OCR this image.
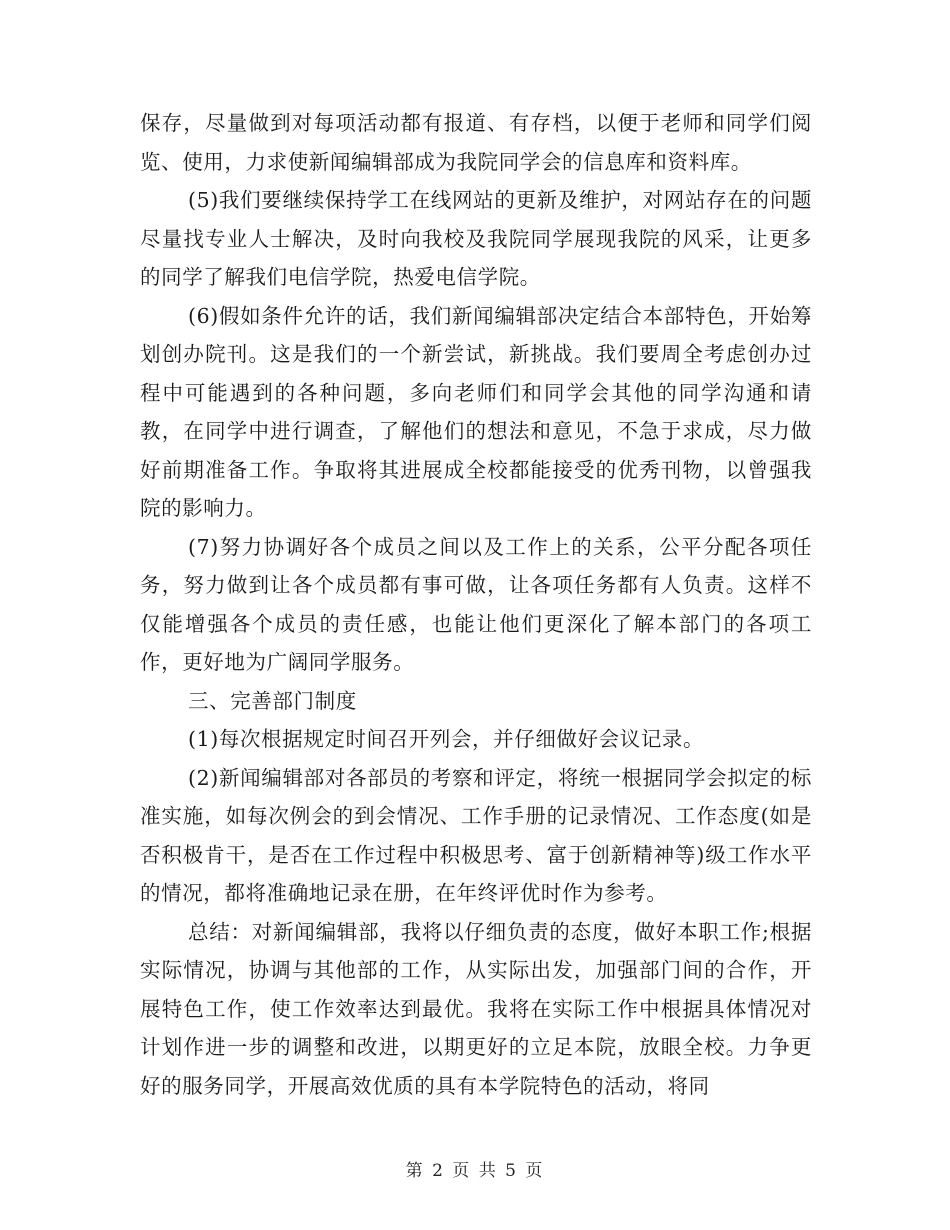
保存，尽量做到对每项活动都有报道、有存档，以便于老师和同学们阅览、使用，力求使新闻编辑部成为我院同学会的信息库和资料库。

(5)我们要继续保持学工在线网站的更新及维护，对网站存在的问题尽量找专业人士解决，及时向我校及我院同学展现我院的风采，让更多的同学了解我们电信学院，热爱电信学院。

(6)假如条件允许的话，我们新闻编辑部决定结合本部特色，开始筹划创办院刊。这是我们的一个新尝试，新挑战。我们要周全考虑创办过程中可能遇到的各种问题，多向老师们和同学会其他的同学沟通和请教，在同学中进行调查，了解他们的想法和意见，不急于求成，尽力做好前期准备工作。争取将其进展成全校都能接受的优秀刊物，以曾强我院的影响力。

(7)努力协调好各个成员之间以及工作上的关系，公平分配各项任务，努力做到让各个成员都有事可做，让各项任务都有人负责。这样不仅能增强各个成员的责任感，也能让他们更深化了解本部门的各项工作，更好地为广阔同学服务。

三、完善部门制度

(1)每次根据规定时间召开列会，并仔细做好会议记录。

(2)新闻编辑部对各部员的考察和评定，将统一根据同学会拟定的标准实施，如每次例会的到会情况、工作手册的记录情况、工作态度(如是否积极肯干，是否在工作过程中积极思考、富于创新精神等)级工作水平的情况，都将准确地记录在册，在年终评优时作为参考。

总结：对新闻编辑部，我将以仔细负责的态度，做好本职工作;根据实际情况，协调与其他部的工作，从实际出发，加强部门间的合作，开展特色工作，使工作效率达到最优。我将在实际工作中根据具体情况对计划作进一步的调整和改进，以期更好的立足本院，放眼全校。力争更好的服务同学，开展高效优质的具有本学院特色的活动，将同

第 2 页 共 5 页
